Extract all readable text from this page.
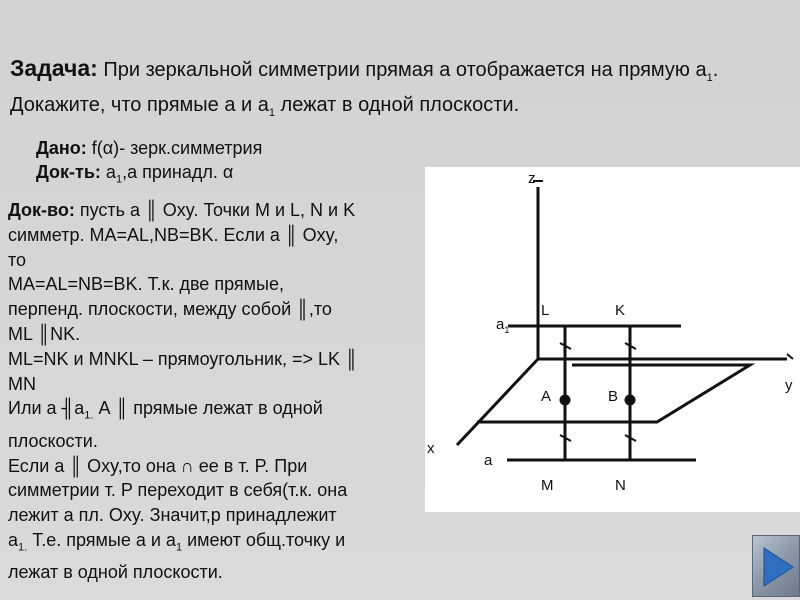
Задача: При зеркальной симметрии прямая а отображается на прямую $а_1$.
Докажите, что прямые а и $а_1$ лежат в одной плоскости.
Дано: f(α)- зерк.симметрия
Док-ть: $а_1,а$ принадл. α
Док-во: пусть а ║ Oxy. Точки M и L, N и K
симметр. MA=AL,NB=BK. Если а ║ Oxy,
то
MA=AL=NB=BK. Т.к. две прямые,
перпенд. плоскости, между собой ║,то
ML ║NK.
ML=NK и MNKL – прямоугольник, => LK ║
MN
Или а $╢а_{1.}$ А ║ прямые лежат в одной
плоскости.
Если а ║ Oxy,то она ∩ ее в т. P. При
симметрии т. P переходит в себя(т.к. она
лежит а пл. Oxy. Значит,р принадлежит
$а_{1.}$ Т.е. прямые а и $а_1$ имеют общ.точку и
лежат в одной плоскости.
z
y
x
$а_1$
а
L	K
A	B
M	N
